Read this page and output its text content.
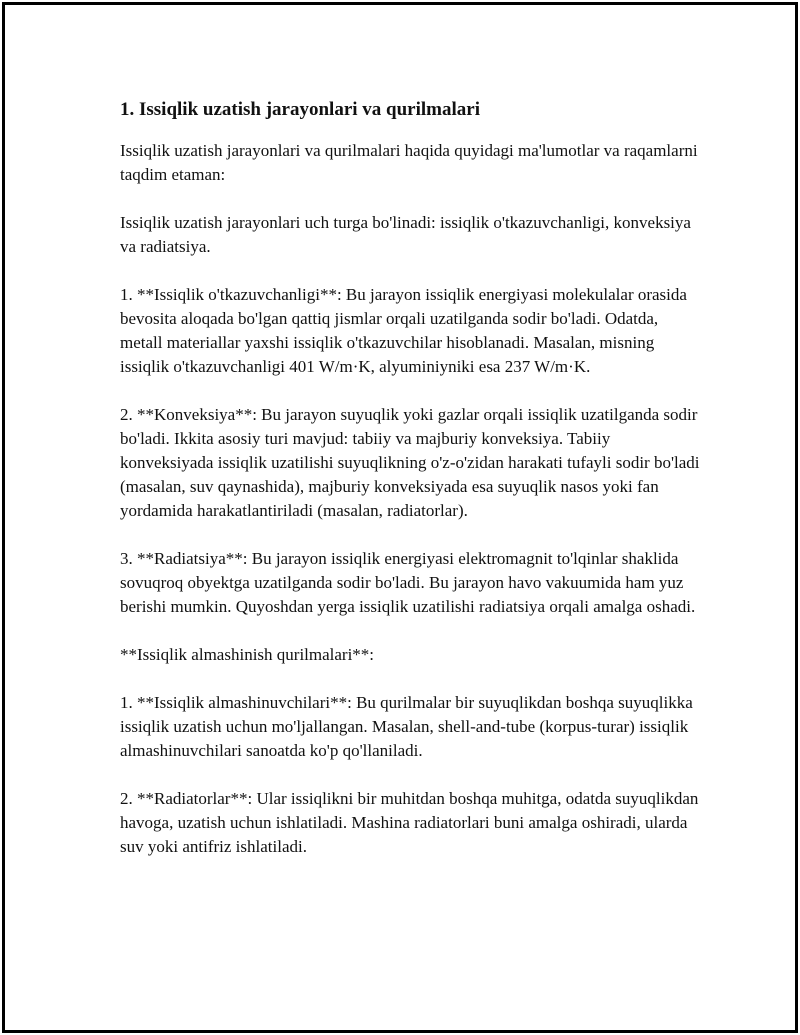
1. Issiqlik uzatish jarayonlari va qurilmalari

Issiqlik uzatish jarayonlari va qurilmalari haqida quyidagi ma'lumotlar va raqamlarni taqdim etaman:

Issiqlik uzatish jarayonlari uch turga bo'linadi: issiqlik o'tkazuvchanligi, konveksiya va radiatsiya.

1. **Issiqlik o'tkazuvchanligi**: Bu jarayon issiqlik energiyasi molekulalar orasida bevosita aloqada bo'lgan qattiq jismlar orqali uzatilganda sodir bo'ladi. Odatda, metall materiallar yaxshi issiqlik o'tkazuvchilar hisoblanadi. Masalan, misning issiqlik o'tkazuvchanligi 401 W/m·K, alyuminiyniki esa 237 W/m·K.

2. **Konveksiya**: Bu jarayon suyuqlik yoki gazlar orqali issiqlik uzatilganda sodir bo'ladi. Ikkita asosiy turi mavjud: tabiiy va majburiy konveksiya. Tabiiy konveksiyada issiqlik uzatilishi suyuqlikning o'z-o'zidan harakati tufayli sodir bo'ladi (masalan, suv qaynashida), majburiy konveksiyada esa suyuqlik nasos yoki fan yordamida harakatlantiriladi (masalan, radiatorlar).

3. **Radiatsiya**: Bu jarayon issiqlik energiyasi elektromagnit to'lqinlar shaklida sovuqroq obyektga uzatilganda sodir bo'ladi. Bu jarayon havo vakuumida ham yuz berishi mumkin. Quyoshdan yerga issiqlik uzatilishi radiatsiya orqali amalga oshadi.

**Issiqlik almashinish qurilmalari**:

1. **Issiqlik almashinuvchilari**: Bu qurilmalar bir suyuqlikdan boshqa suyuqlikka issiqlik uzatish uchun mo'ljallangan. Masalan, shell-and-tube (korpus-turar) issiqlik almashinuvchilari sanoatda ko'p qo'llaniladi.

2. **Radiatorlar**: Ular issiqlikni bir muhitdan boshqa muhitga, odatda suyuqlikdan havoga, uzatish uchun ishlatiladi. Mashina radiatorlari buni amalga oshiradi, ularda suv yoki antifriz ishlatiladi.
